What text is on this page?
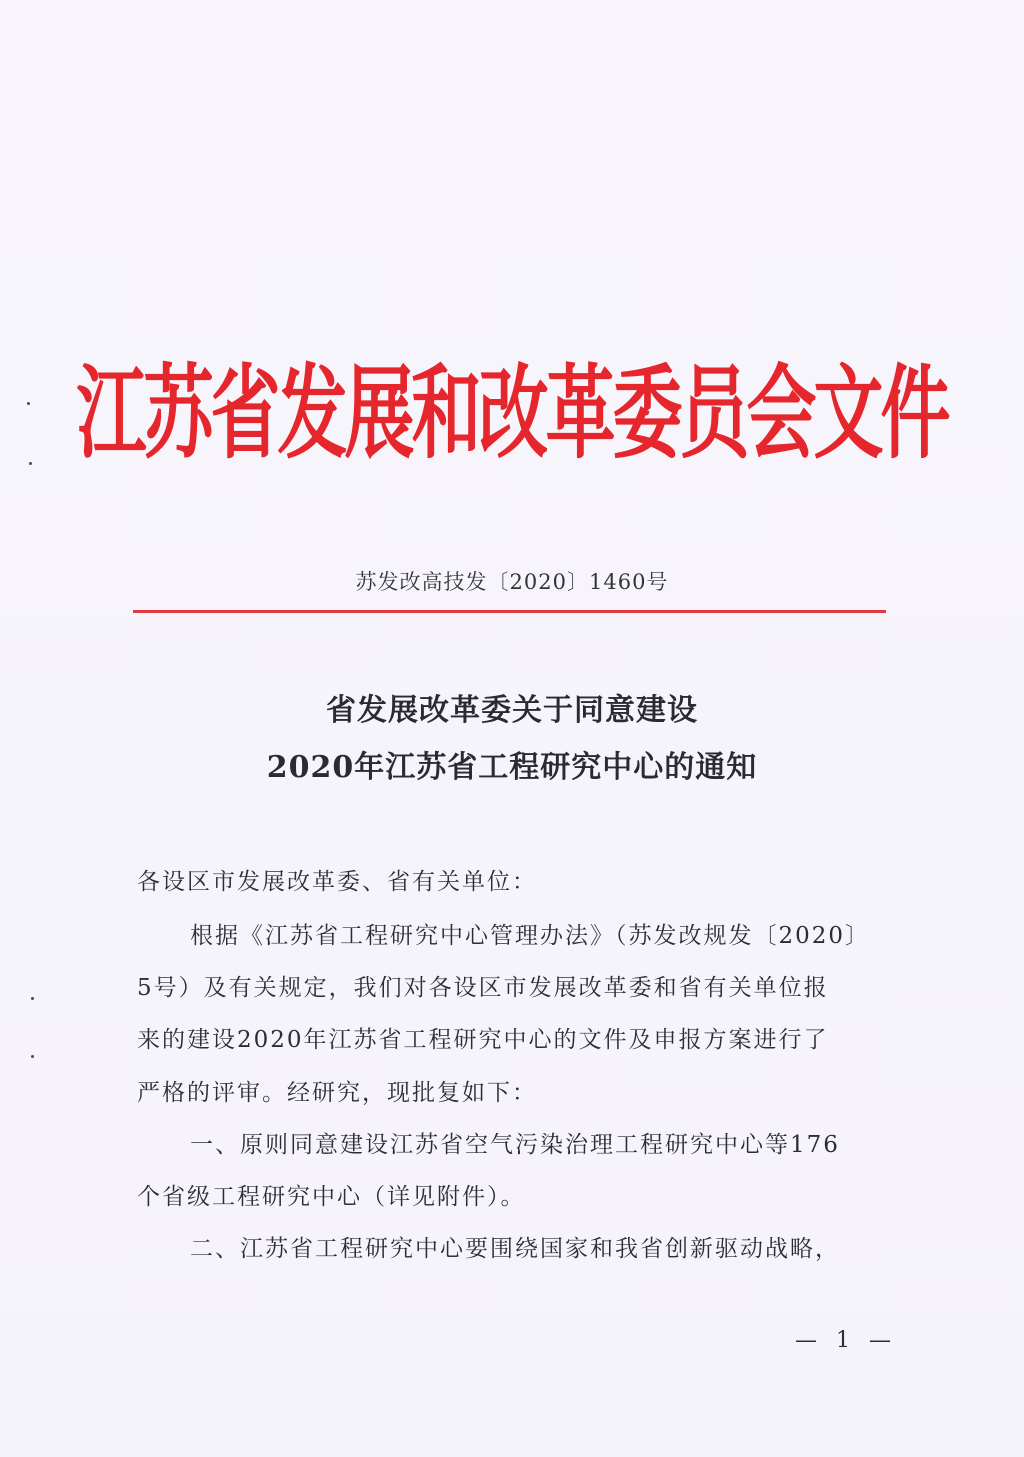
江苏省发展和改革委员会文件
苏发改高技发〔2020〕1460号
省发展改革委关于同意建设
2020年江苏省工程研究中心的通知
各设区市发展改革委、省有关单位：
根据《江苏省工程研究中心管理办法》（苏发改规发〔2020〕
5号）及有关规定，我们对各设区市发展改革委和省有关单位报
来的建设2020年江苏省工程研究中心的文件及申报方案进行了
严格的评审。经研究，现批复如下：
一、原则同意建设江苏省空气污染治理工程研究中心等176
个省级工程研究中心（详见附件）。
二、江苏省工程研究中心要围绕国家和我省创新驱动战略，
— 1 —
